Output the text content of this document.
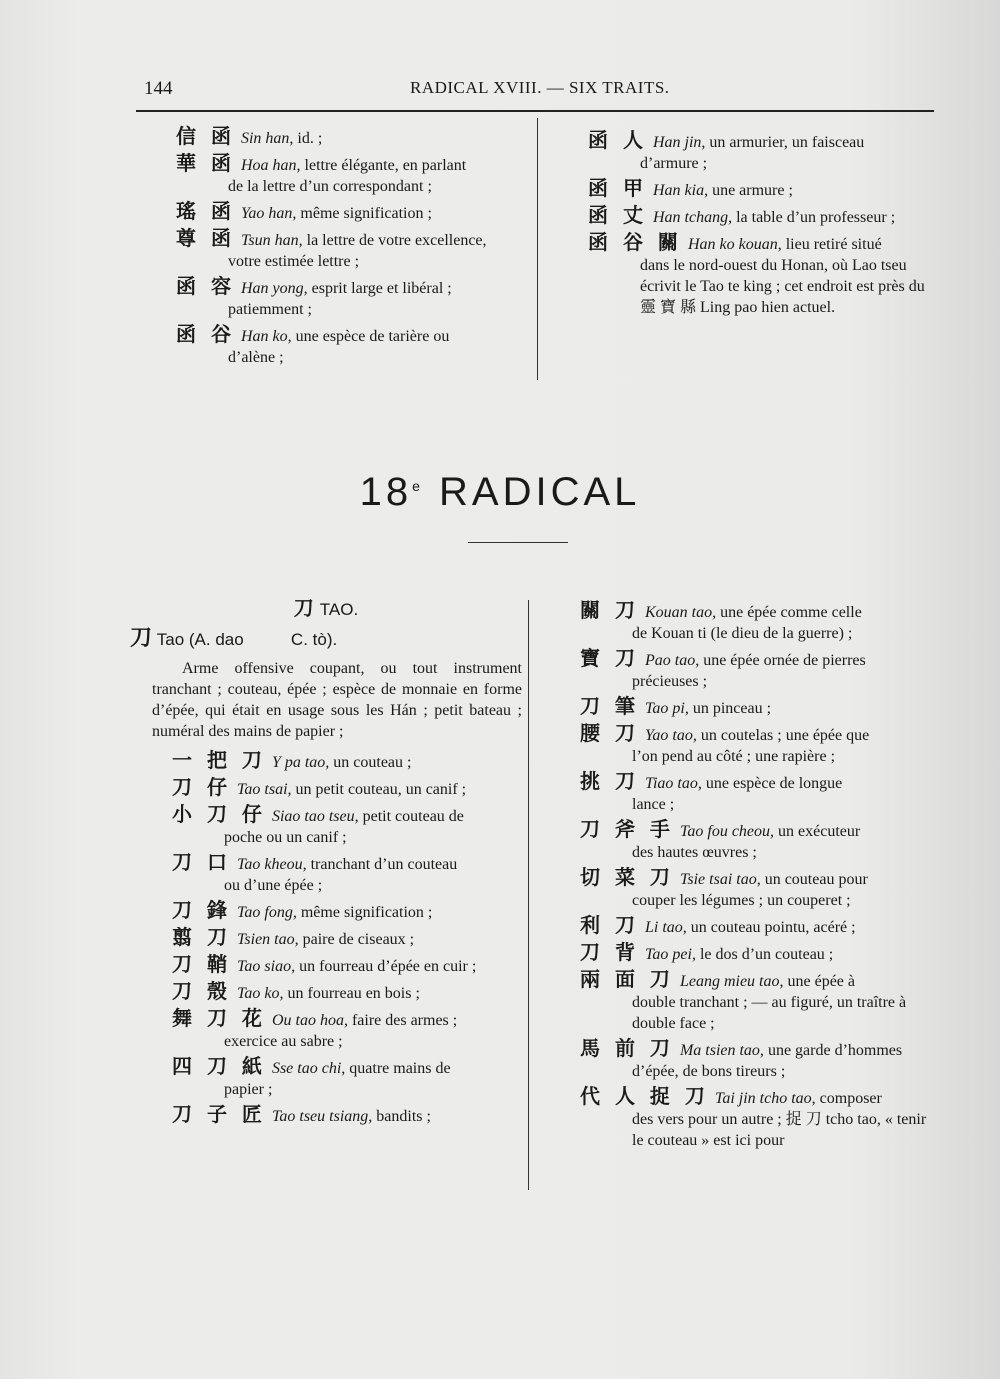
144	RADICAL XVIII. — SIX TRAITS.
信 函 Sin han, id. ;
華 函 Hoa han, lettre élégante, en parlant
de la lettre d’un correspondant ;
瑤 函 Yao han, même signification ;
尊 函 Tsun han, la lettre de votre excellence,
votre estimée lettre ;
函 容 Han yong, esprit large et libéral ;
patiemment ;
函 谷 Han ko, une espèce de tarière ou
d’alène ;
函 人 Han jin, un armurier, un faisceau
d’armure ;
函 甲 Han kia, une armure ;
函 丈 Han tchang, la table d’un professeur ;
函 谷 關 Han ko kouan, lieu retiré situé
dans le nord-ouest du Honan, où Lao tseu écrivit le Tao te king ; cet endroit est près du 靈 寶 縣 Ling pao hien actuel.
18e RADICAL
刀 TAO.
刀 Tao (A. dao          C. tò).
Arme offensive coupant, ou tout instrument tranchant ; couteau, épée ; espèce de monnaie en forme d’épée, qui était en usage sous les Hán ; petit bateau ; numéral des mains de papier ;
一 把 刀 Y pa tao, un couteau ;
刀 仔 Tao tsai, un petit couteau, un canif ;
小 刀 仔 Siao tao tseu, petit couteau de
poche ou un canif ;
刀 口 Tao kheou, tranchant d’un couteau
ou d’une épée ;
刀 鋒 Tao fong, même signification ;
翦 刀 Tsien tao, paire de ciseaux ;
刀 鞘 Tao siao, un fourreau d’épée en cuir ;
刀 殼 Tao ko, un fourreau en bois ;
舞 刀 花 Ou tao hoa, faire des armes ;
exercice au sabre ;
四 刀 紙 Sse tao chi, quatre mains de
papier ;
刀 子 匠 Tao tseu tsiang, bandits ;
關 刀 Kouan tao, une épée comme celle
de Kouan ti (le dieu de la guerre) ;
寶 刀 Pao tao, une épée ornée de pierres
précieuses ;
刀 筆 Tao pi, un pinceau ;
腰 刀 Yao tao, un coutelas ; une épée que
l’on pend au côté ; une rapière ;
挑 刀 Tiao tao, une espèce de longue
lance ;
刀 斧 手 Tao fou cheou, un exécuteur
des hautes œuvres ;
切 菜 刀 Tsie tsai tao, un couteau pour
couper les légumes ; un couperet ;
利 刀 Li tao, un couteau pointu, acéré ;
刀 背 Tao pei, le dos d’un couteau ;
兩 面 刀 Leang mieu tao, une épée à
double tranchant ; — au figuré, un traître à double face ;
馬 前 刀 Ma tsien tao, une garde d’hommes
d’épée, de bons tireurs ;
代 人 捉 刀 Tai jin tcho tao, composer
des vers pour un autre ; 捉 刀 tcho tao, « tenir le couteau » est ici pour
